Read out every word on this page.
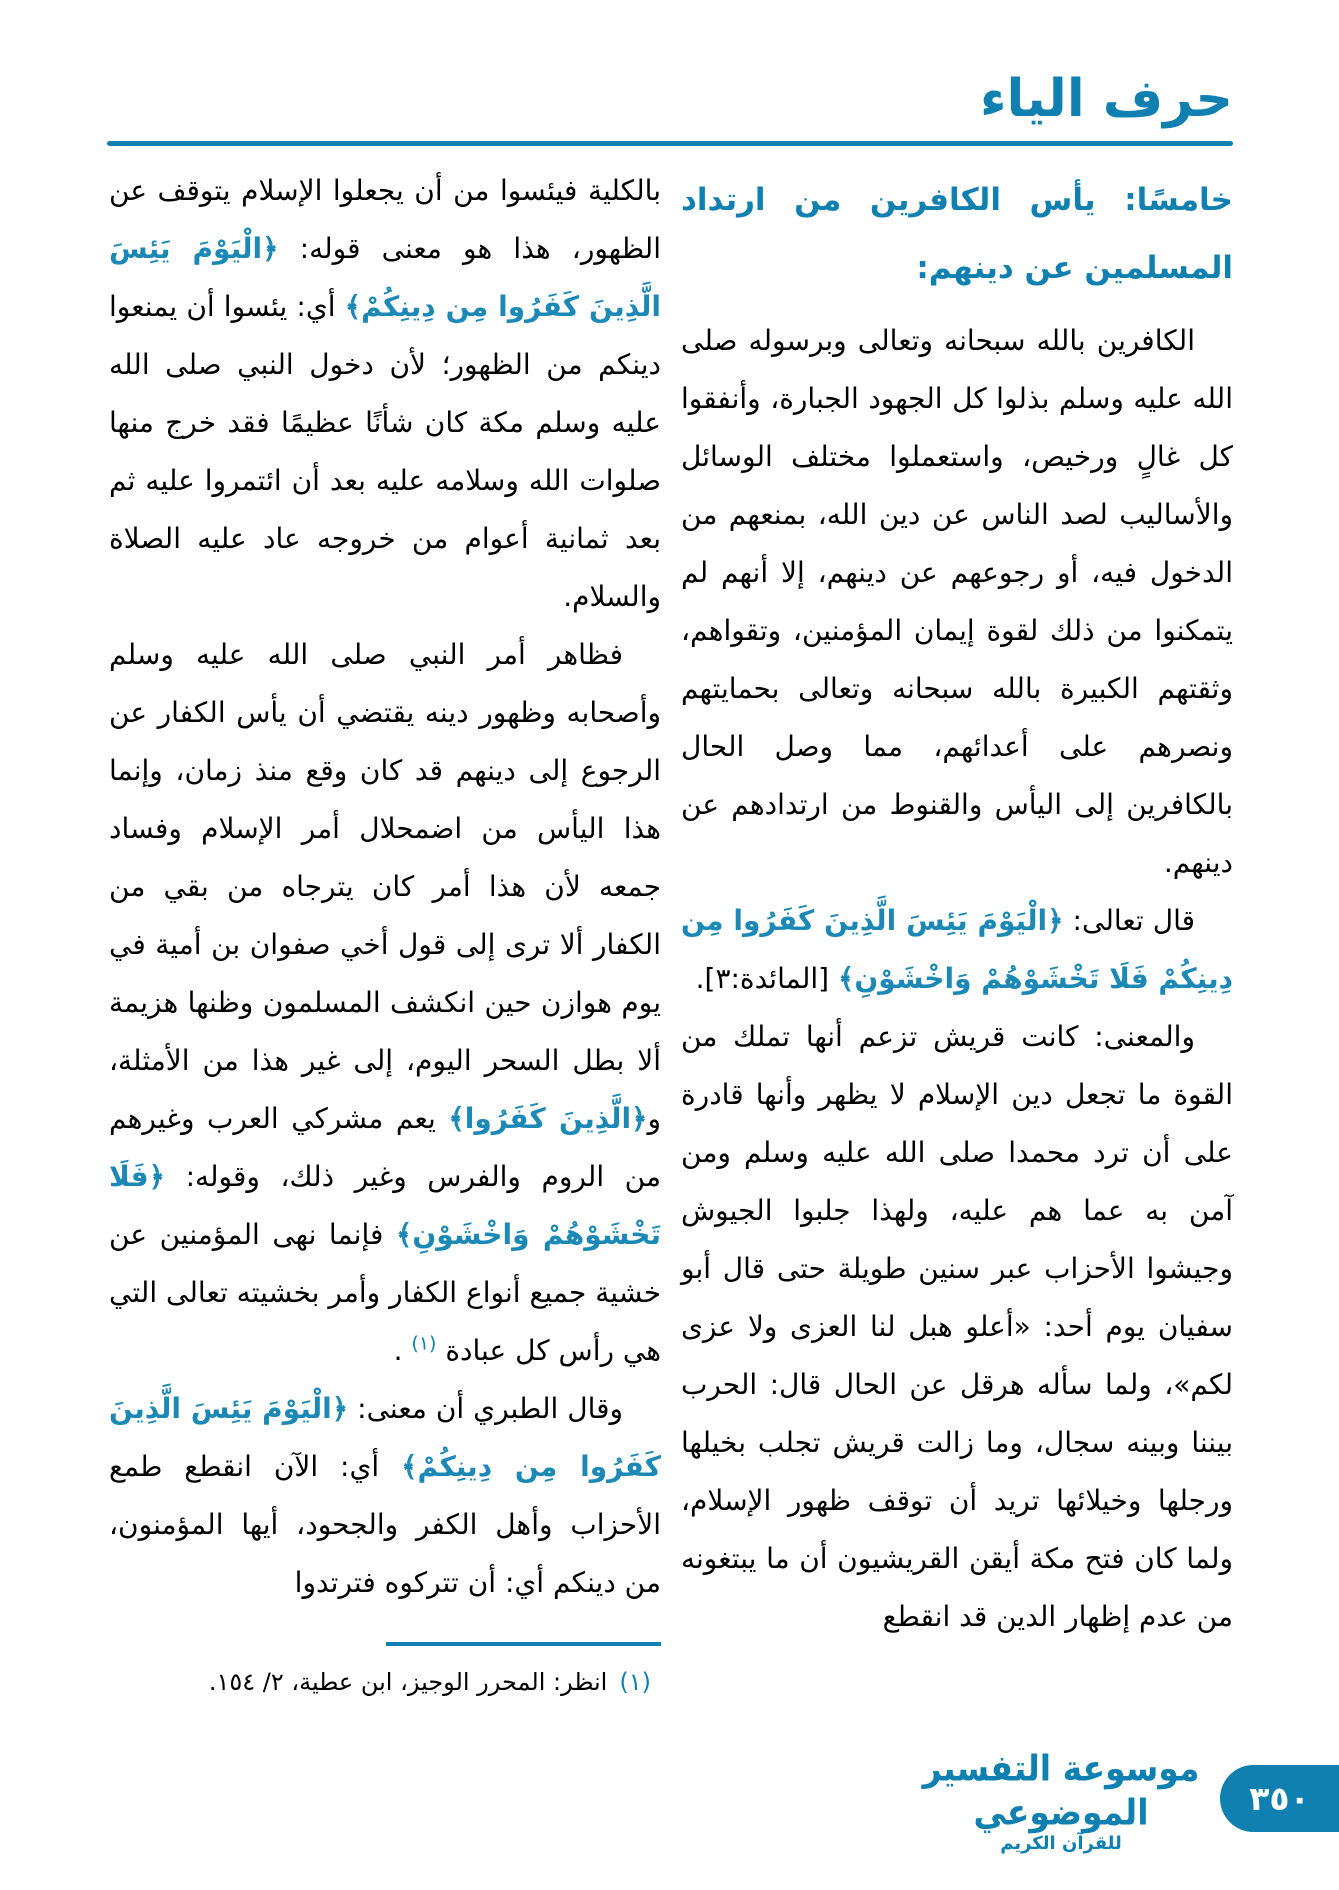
حرف الياء
خامسًا: يأس الكافرين من ارتداد المسلمين عن دينهم:

الكافرين بالله سبحانه وتعالى وبرسوله صلى الله عليه وسلم بذلوا كل الجهود الجبارة، وأنفقوا كل غالٍ ورخيص، واستعملوا مختلف الوسائل والأساليب لصد الناس عن دين الله، بمنعهم من الدخول فيه، أو رجوعهم عن دينهم، إلا أنهم لم يتمكنوا من ذلك لقوة إيمان المؤمنين، وتقواهم، وثقتهم الكبيرة بالله سبحانه وتعالى بحمايتهم ونصرهم على أعدائهم، مما وصل الحال بالكافرين إلى اليأس والقنوط من ارتدادهم عن دينهم.

قال تعالى: ﴿الْيَوْمَ يَئِسَ الَّذِينَ كَفَرُوا مِن دِينِكُمْ فَلَا تَخْشَوْهُمْ وَاخْشَوْنِ﴾ [المائدة:٣].

والمعنى: كانت قريش تزعم أنها تملك من القوة ما تجعل دين الإسلام لا يظهر وأنها قادرة على أن ترد محمدا صلى الله عليه وسلم ومن آمن به عما هم عليه، ولهذا جلبوا الجيوش وجيشوا الأحزاب عبر سنين طويلة حتى قال أبو سفيان يوم أحد: «أعلو هبل لنا العزى ولا عزى لكم»، ولما سأله هرقل عن الحال قال: الحرب بيننا وبينه سجال، وما زالت قريش تجلب بخيلها ورجلها وخيلائها تريد أن توقف ظهور الإسلام، ولما كان فتح مكة أيقن القريشيون أن ما يبتغونه من عدم إظهار الدين قد انقطع

بالكلية فيئسوا من أن يجعلوا الإسلام يتوقف عن الظهور، هذا هو معنى قوله: ﴿الْيَوْمَ يَئِسَ الَّذِينَ كَفَرُوا مِن دِينِكُمْ﴾ أي: يئسوا أن يمنعوا دينكم من الظهور؛ لأن دخول النبي صلى الله عليه وسلم مكة كان شأنًا عظيمًا فقد خرج منها صلوات الله وسلامه عليه بعد أن ائتمروا عليه ثم بعد ثمانية أعوام من خروجه عاد عليه الصلاة والسلام.

فظاهر أمر النبي صلى الله عليه وسلم وأصحابه وظهور دينه يقتضي أن يأس الكفار عن الرجوع إلى دينهم قد كان وقع منذ زمان، وإنما هذا اليأس من اضمحلال أمر الإسلام وفساد جمعه لأن هذا أمر كان يترجاه من بقي من الكفار ألا ترى إلى قول أخي صفوان بن أمية في يوم هوازن حين انكشف المسلمون وظنها هزيمة ألا بطل السحر اليوم، إلى غير هذا من الأمثلة، و﴿الَّذِينَ كَفَرُوا﴾ يعم مشركي العرب وغيرهم من الروم والفرس وغير ذلك، وقوله: ﴿فَلَا تَخْشَوْهُمْ وَاخْشَوْنِ﴾ فإنما نهى المؤمنين عن خشية جميع أنواع الكفار وأمر بخشيته تعالى التي هي رأس كل عبادة $^{(١)}$ .

وقال الطبري أن معنى: ﴿الْيَوْمَ يَئِسَ الَّذِينَ كَفَرُوا مِن دِينِكُمْ﴾ أي: الآن انقطع طمع الأحزاب وأهل الكفر والجحود، أيها المؤمنون، من دينكم أي: أن تتركوه فترتدوا

(١)انظر: المحرر الوجيز، ابن عطية، ٢/ ١٥٤.

موسوعة التفسير الموضوعي
للقرآن الكريم
٣٥٠
